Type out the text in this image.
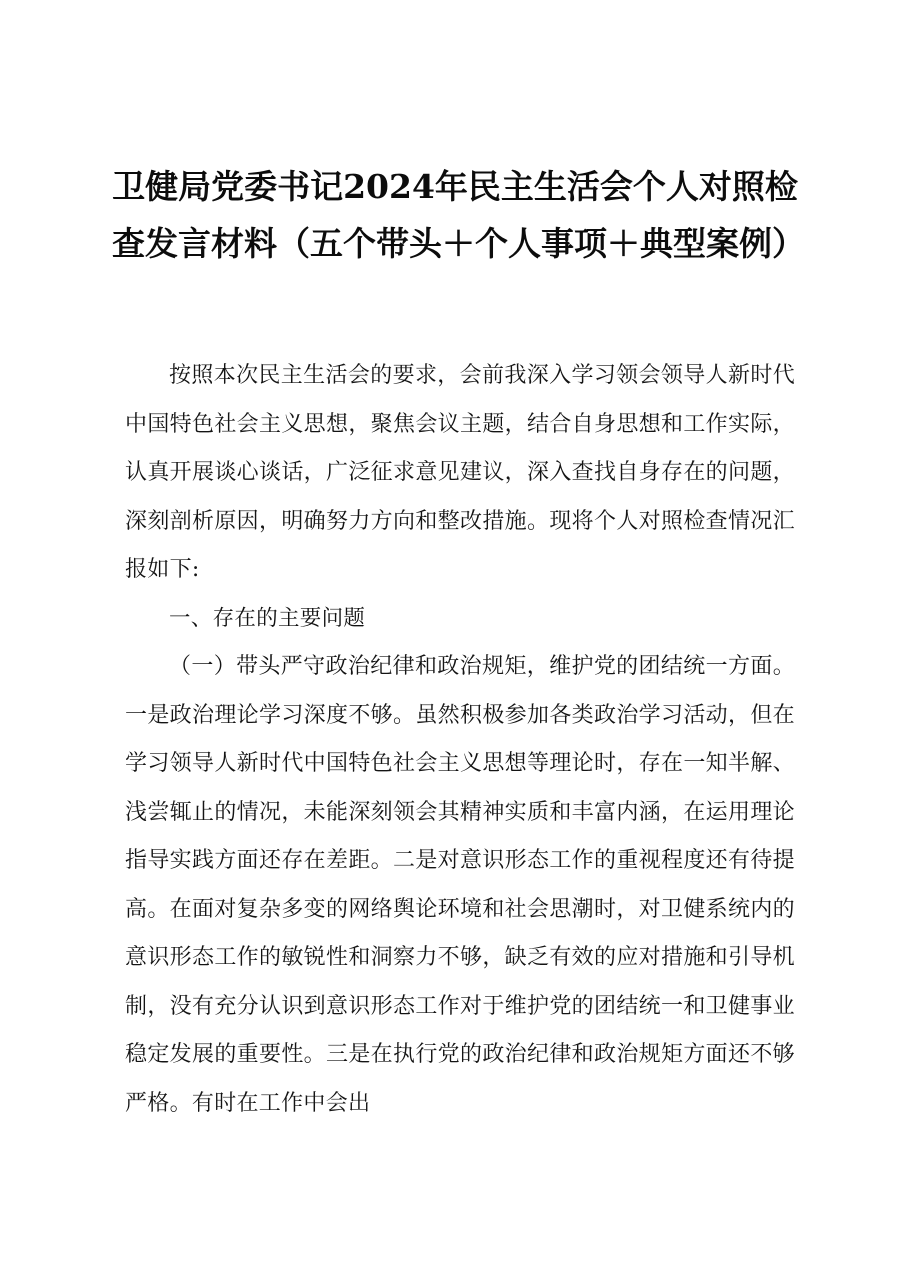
卫健局党委书记2024年民主生活会个人对照检查发言材料（五个带头＋个人事项＋典型案例）

按照本次民主生活会的要求，会前我深入学习领会领导人新时代中国特色社会主义思想，聚焦会议主题，结合自身思想和工作实际，认真开展谈心谈话，广泛征求意见建议，深入查找自身存在的问题，深刻剖析原因，明确努力方向和整改措施。现将个人对照检查情况汇报如下:

一、存在的主要问题

（一）带头严守政治纪律和政治规矩，维护党的团结统一方面。一是政治理论学习深度不够。虽然积极参加各类政治学习活动，但在学习领导人新时代中国特色社会主义思想等理论时，存在一知半解、浅尝辄止的情况，未能深刻领会其精神实质和丰富内涵，在运用理论指导实践方面还存在差距。二是对意识形态工作的重视程度还有待提高。在面对复杂多变的网络舆论环境和社会思潮时，对卫健系统内的意识形态工作的敏锐性和洞察力不够，缺乏有效的应对措施和引导机制，没有充分认识到意识形态工作对于维护党的团结统一和卫健事业稳定发展的重要性。三是在执行党的政治纪律和政治规矩方面还不够严格。有时在工作中会出
